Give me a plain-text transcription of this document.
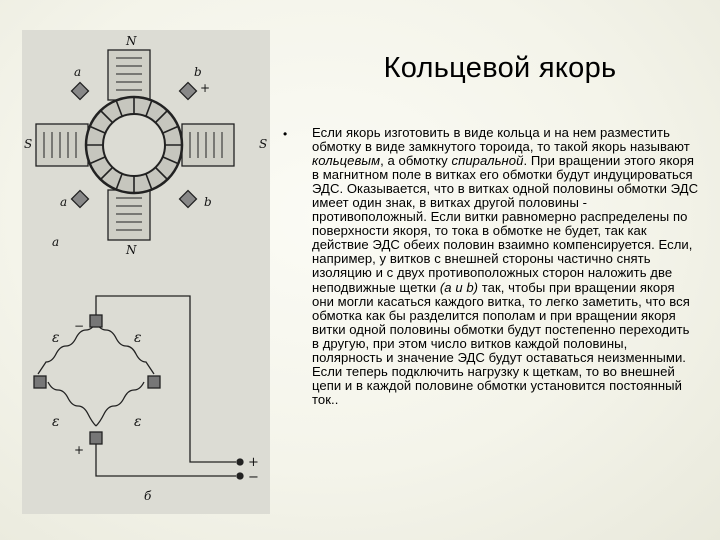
N
N
S	S
a	b
a	b
+
a
ε	ε
ε	ε
+
−
+
−
б
Кольцевой якорь
• Если якорь изготовить в виде кольца и на нем разместить обмотку в виде замкнутого тороида, то такой якорь называют кольцевым, а обмотку спиральной. При вращении этого якоря в магнитном поле в витках его обмотки будут индуцироваться ЭДС. Оказывается, что в витках одной половины обмотки ЭДС имеет один знак, в витках другой половины - противоположный. Если витки равномерно распределены по поверхности якоря, то тока в обмотке не будет, так как действие ЭДС обеих половин взаимно компенсируется. Если, например, у витков с внешней стороны частично снять изоляцию и с двух противоположных сторон наложить две неподвижные щетки (а и b) так, чтобы при вращении якоря они могли касаться каждого витка, то легко заметить, что вся обмотка как бы разделится пополам и при вращении якоря витки одной половины обмотки будут постепенно переходить в другую, при этом число витков каждой половины, полярность и значение ЭДС будут оставаться неизменными. Если теперь подключить нагрузку к щеткам, то во внешней цепи и в каждой половине обмотки установится постоянный ток..
